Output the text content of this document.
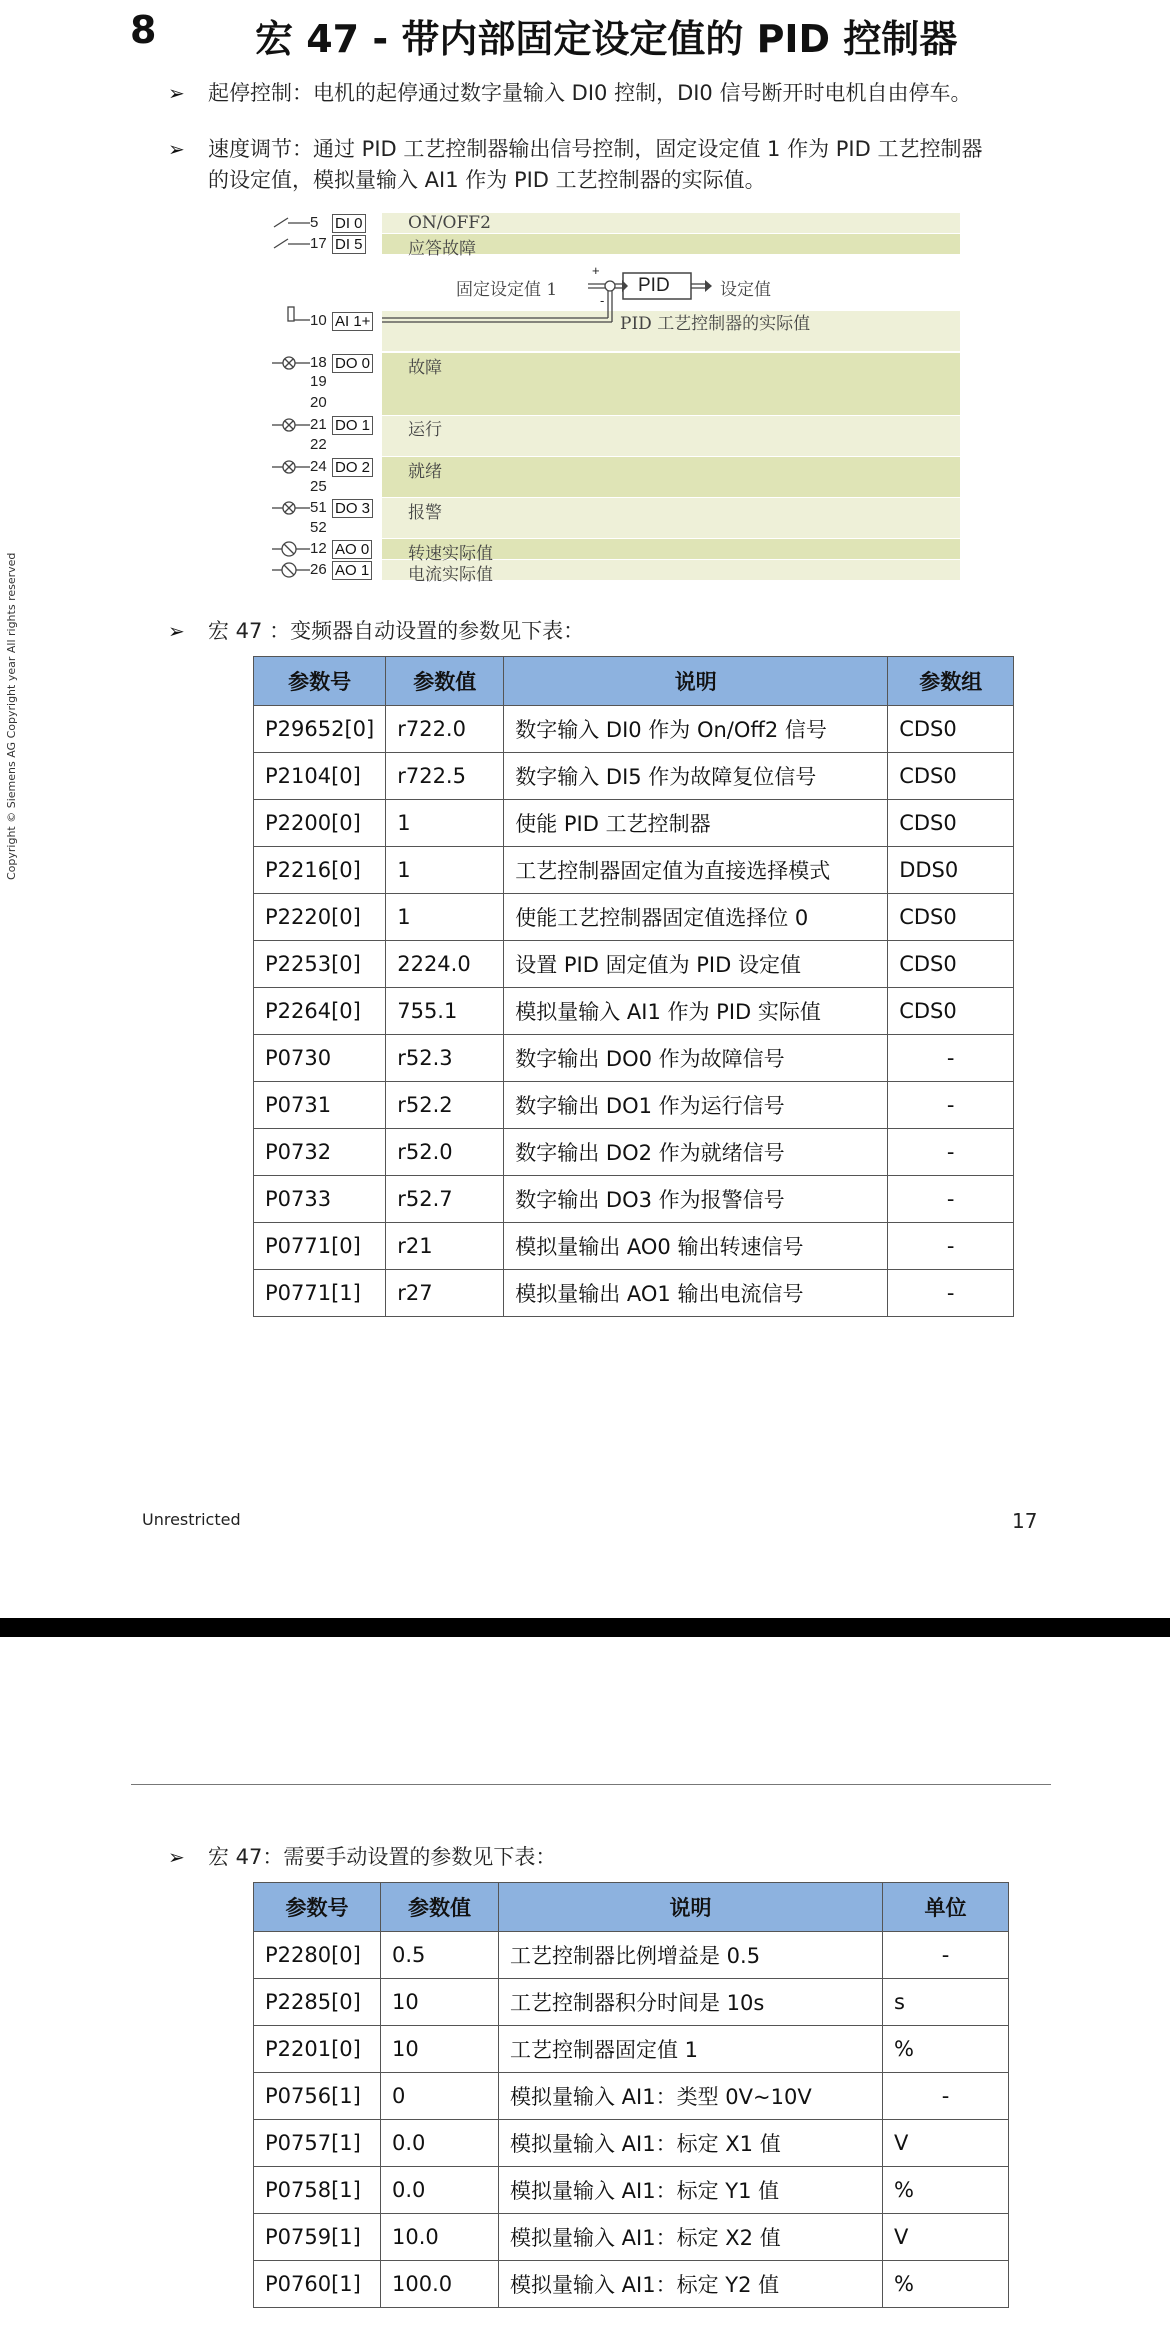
8	宏 47 - 带内部固定设定值的 PID 控制器
Copyright © Siemens AG Copyright year All rights reserved
➢ 起停控制：电机的起停通过数字量输入 DI0 控制，DI0 信号断开时电机自由停车。
➢ 速度调节：通过 PID 工艺控制器输出信号控制，固定设定值 1 作为 PID 工艺控制器
的设定值，模拟量输入 AI1 作为 PID 工艺控制器的实际值。
5 DI 0	ON/OFF2
17 DI 5	应答故障
固定设定值 1
+
-
PID	设定值
10 AI 1+	PID 工艺控制器的实际值
18
19
20
DO 0 故障
21
22
DO 1 运行
24
25
DO 2 就绪
51
52
DO 3 报警
12 AO 0 转速实际值
26 AO 1 电流实际值
➢ 宏 47 ：变频器自动设置的参数见下表：
参数号	参数值	说明	参数组
P29652[0]	r722.0	数字输入 DI0 作为 On/Off2 信号	CDS0
P2104[0]	r722.5	数字输入 DI5 作为故障复位信号	CDS0
P2200[0]	1	使能 PID 工艺控制器	CDS0
P2216[0]	1	工艺控制器固定值为直接选择模式	DDS0
P2220[0]	1	使能工艺控制器固定值选择位 0	CDS0
P2253[0]	2224.0	设置 PID 固定值为 PID 设定值	CDS0
P2264[0]	755.1	模拟量输入 AI1 作为 PID 实际值	CDS0
P0730	r52.3	数字输出 DO0 作为故障信号	-
P0731	r52.2	数字输出 DO1 作为运行信号	-
P0732	r52.0	数字输出 DO2 作为就绪信号	-
P0733	r52.7	数字输出 DO3 作为报警信号	-
P0771[0]	r21	模拟量输出 AO0 输出转速信号	-
P0771[1]	r27	模拟量输出 AO1 输出电流信号	-
Unrestricted	17
➢ 宏 47：需要手动设置的参数见下表：
参数号	参数值	说明	单位
P2280[0]	0.5	工艺控制器比例增益是 0.5	-
P2285[0]	10	工艺控制器积分时间是 10s	s
P2201[0]	10	工艺控制器固定值 1	%
P0756[1]	0	模拟量输入 AI1：类型 0V~10V	-
P0757[1]	0.0	模拟量输入 AI1：标定 X1 值	V
P0758[1]	0.0	模拟量输入 AI1：标定 Y1 值	%
P0759[1]	10.0	模拟量输入 AI1：标定 X2 值	V
P0760[1]	100.0	模拟量输入 AI1：标定 Y2 值	%
